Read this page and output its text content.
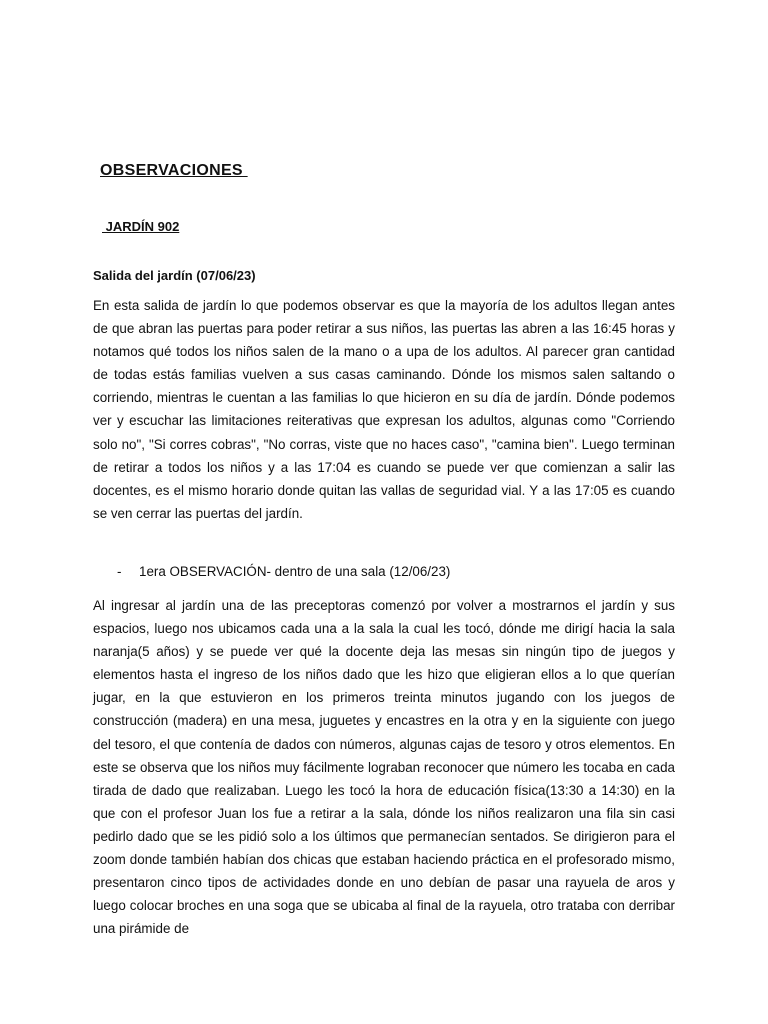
OBSERVACIONES
JARDÍN 902
Salida del jardín (07/06/23)

En esta salida de jardín lo que podemos observar es que la mayoría de los adultos llegan antes de que abran las puertas para poder retirar a sus niños, las puertas las abren a las 16:45 horas y notamos qué todos los niños salen de la mano o a upa de los adultos. Al parecer gran cantidad de todas estás familias vuelven a sus casas caminando. Dónde los mismos salen saltando o corriendo, mientras le cuentan a las familias lo que hicieron en su día de jardín. Dónde podemos ver y escuchar las limitaciones reiterativas que expresan los adultos, algunas como "Corriendo solo no", "Si corres cobras", "No corras, viste que no haces caso", "camina bien". Luego terminan de retirar a todos los niños y a las 17:04 es cuando se puede ver que comienzan a salir las docentes, es el mismo horario donde quitan las vallas de seguridad vial. Y a las 17:05 es cuando se ven cerrar las puertas del jardín.

-	1era OBSERVACIÓN- dentro de una sala (12/06/23)

Al ingresar al jardín una de las preceptoras comenzó por volver a mostrarnos el jardín y sus espacios, luego nos ubicamos cada una a la sala la cual les tocó, dónde me dirigí hacia la sala naranja(5 años) y se puede ver qué la docente deja las mesas sin ningún tipo de juegos y elementos hasta el ingreso de los niños dado que les hizo que eligieran ellos a lo que querían jugar, en la que estuvieron en los primeros treinta minutos jugando con los juegos de construcción (madera) en una mesa, juguetes y encastres en la otra y en la siguiente con juego del tesoro, el que contenía de dados con números, algunas cajas de tesoro y otros elementos. En este se observa que los niños muy fácilmente lograban reconocer que número les tocaba en cada tirada de dado que realizaban. Luego les tocó la hora de educación física(13:30 a 14:30) en la que con el profesor Juan los fue a retirar a la sala, dónde los niños realizaron una fila sin casi pedirlo dado que se les pidió solo a los últimos que permanecían sentados. Se dirigieron para el zoom donde también habían dos chicas que estaban haciendo práctica en el profesorado mismo, presentaron cinco tipos de actividades donde en uno debían de pasar una rayuela de aros y luego colocar broches en una soga que se ubicaba al final de la rayuela, otro trataba con derribar una pirámide de
